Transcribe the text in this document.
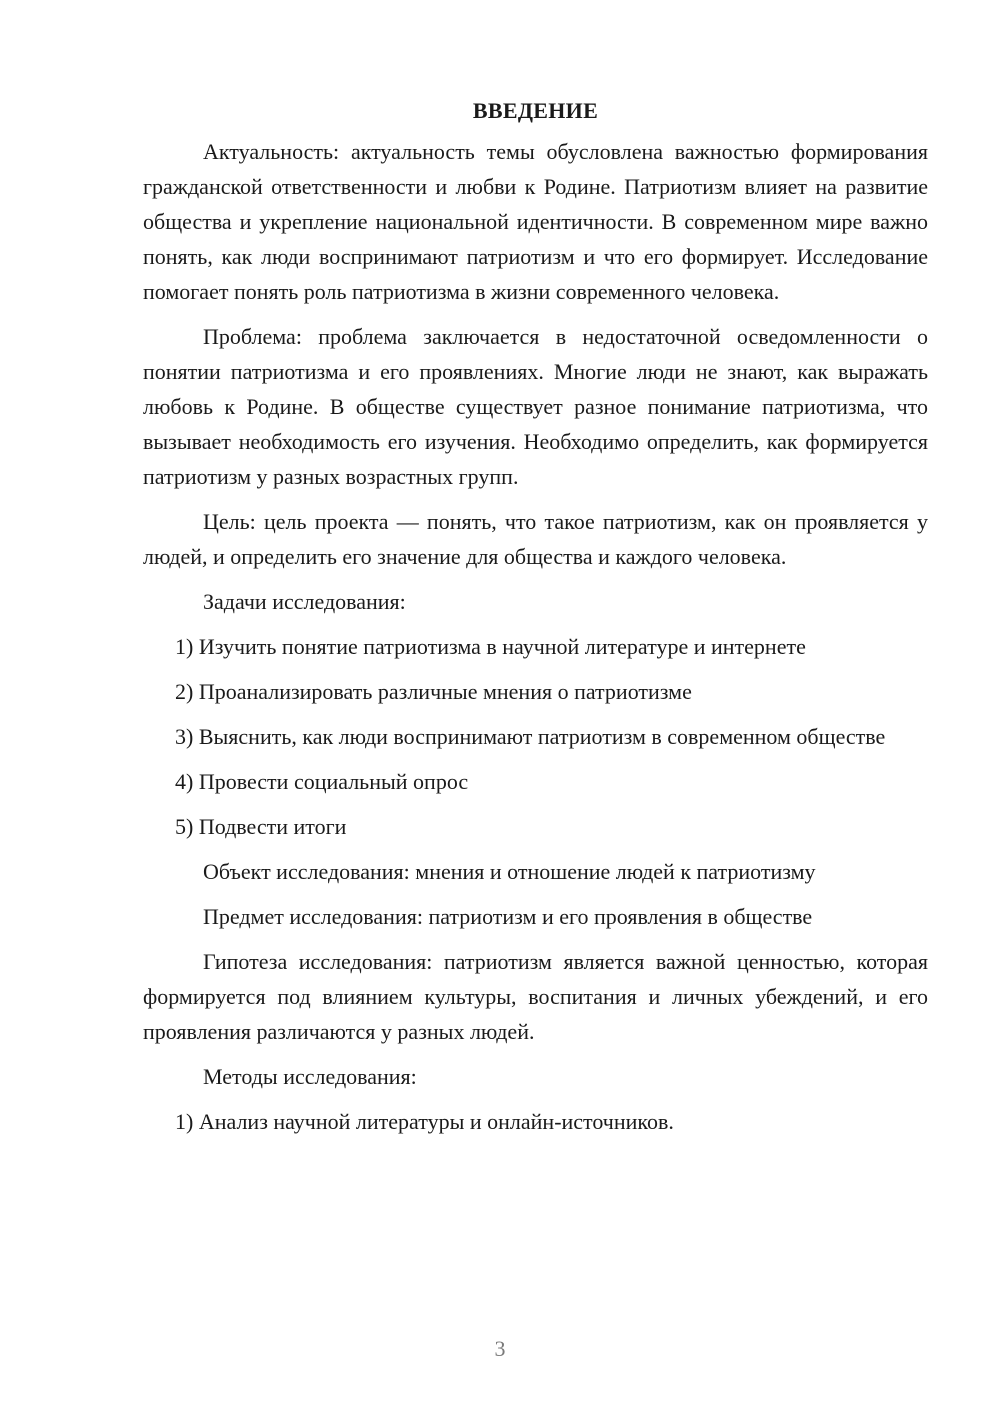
ВВЕДЕНИЕ

Актуальность: актуальность темы обусловлена важностью формирования гражданской ответственности и любви к Родине. Патриотизм влияет на развитие общества и укрепление национальной идентичности. В современном мире важно понять, как люди воспринимают патриотизм и что его формирует. Исследование помогает понять роль патриотизма в жизни современного человека.

Проблема: проблема заключается в недостаточной осведомленности о понятии патриотизма и его проявлениях. Многие люди не знают, как выражать любовь к Родине. В обществе существует разное понимание патриотизма, что вызывает необходимость его изучения. Необходимо определить, как формируется патриотизм у разных возрастных групп.

Цель: цель проекта — понять, что такое патриотизм, как он проявляется у людей, и определить его значение для общества и каждого человека.

Задачи исследования:

1) Изучить понятие патриотизма в научной литературе и интернете

2) Проанализировать различные мнения о патриотизме

3) Выяснить, как люди воспринимают патриотизм в современном обществе

4) Провести социальный опрос

5) Подвести итоги

Объект исследования: мнения и отношение людей к патриотизму

Предмет исследования: патриотизм и его проявления в обществе

Гипотеза исследования: патриотизм является важной ценностью, которая формируется под влиянием культуры, воспитания и личных убеждений, и его проявления различаются у разных людей.

Методы исследования:

1) Анализ научной литературы и онлайн-источников.

3
